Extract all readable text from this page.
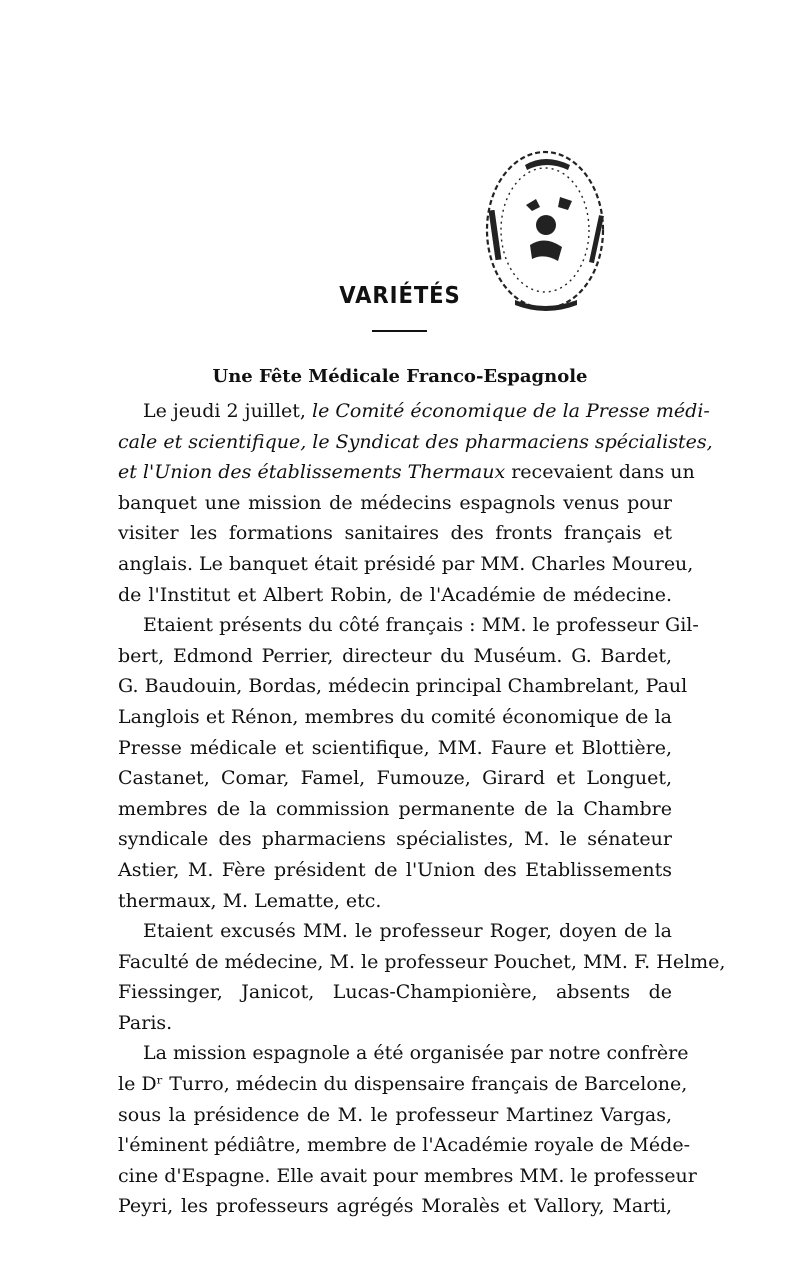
VARIÉTÉS
Une Fête Médicale Franco-Espagnole
Le jeudi 2 juillet, le Comité économique de la Presse médi-
cale et scientifique, le Syndicat des pharmaciens spécialistes,
et l'Union des établissements Thermaux recevaient dans un
banquet une mission de médecins espagnols venus pour
visiter les formations sanitaires des fronts français et
anglais. Le banquet était présidé par MM. Charles Moureu,
de l'Institut et Albert Robin, de l'Académie de médecine.
Etaient présents du côté français : MM. le professeur Gil-
bert, Edmond Perrier, directeur du Muséum. G. Bardet,
G. Baudouin, Bordas, médecin principal Chambrelant, Paul
Langlois et Rénon, membres du comité économique de la
Presse médicale et scientifique, MM. Faure et Blottière,
Castanet, Comar, Famel, Fumouze, Girard et Longuet,
membres de la commission permanente de la Chambre
syndicale des pharmaciens spécialistes, M. le sénateur
Astier, M. Fère président de l'Union des Etablissements
thermaux, M. Lematte, etc.
Etaient excusés MM. le professeur Roger, doyen de la
Faculté de médecine, M. le professeur Pouchet, MM. F. Helme,
Fiessinger, Janicot, Lucas-Championière, absents de
Paris.
La mission espagnole a été organisée par notre confrère
le Dʳ Turro, médecin du dispensaire français de Barcelone,
sous la présidence de M. le professeur Martinez Vargas,
l'éminent pédiâtre, membre de l'Académie royale de Méde-
cine d'Espagne. Elle avait pour membres MM. le professeur
Peyri, les professeurs agrégés Moralès et Vallory, Marti,
